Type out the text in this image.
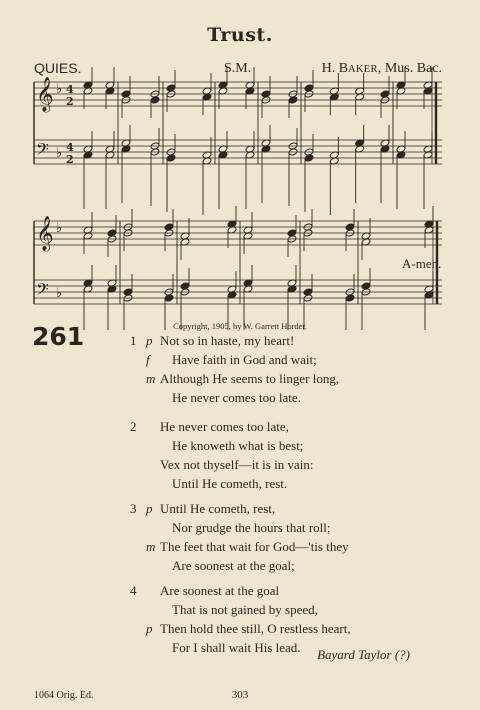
Trust.
QUIES.	S.M.	H. BAKER, Mus. Bac.
𝄞 ♭ 4
2
𝄢 ♭ 4
2
𝄞 ♭
𝄢 ♭
A-men.
Copyright, 1905, by W. Garrett Horder.
261	1 p Not so in haste, my heart!
f Have faith in God and wait;
m Although He seems to linger long,
He never comes too late.
2 He never comes too late,
He knoweth what is best;
Vex not thyself—it is in vain:
Until He cometh, rest.
3 p Until He cometh, rest,
Nor grudge the hours that roll;
m The feet that wait for God—'tis they
Are soonest at the goal;
4 Are soonest at the goal
That is not gained by speed,
p Then hold thee still, O restless heart,
For I shall wait His lead. Bayard Taylor (?)
1064 Orig. Ed.	303
